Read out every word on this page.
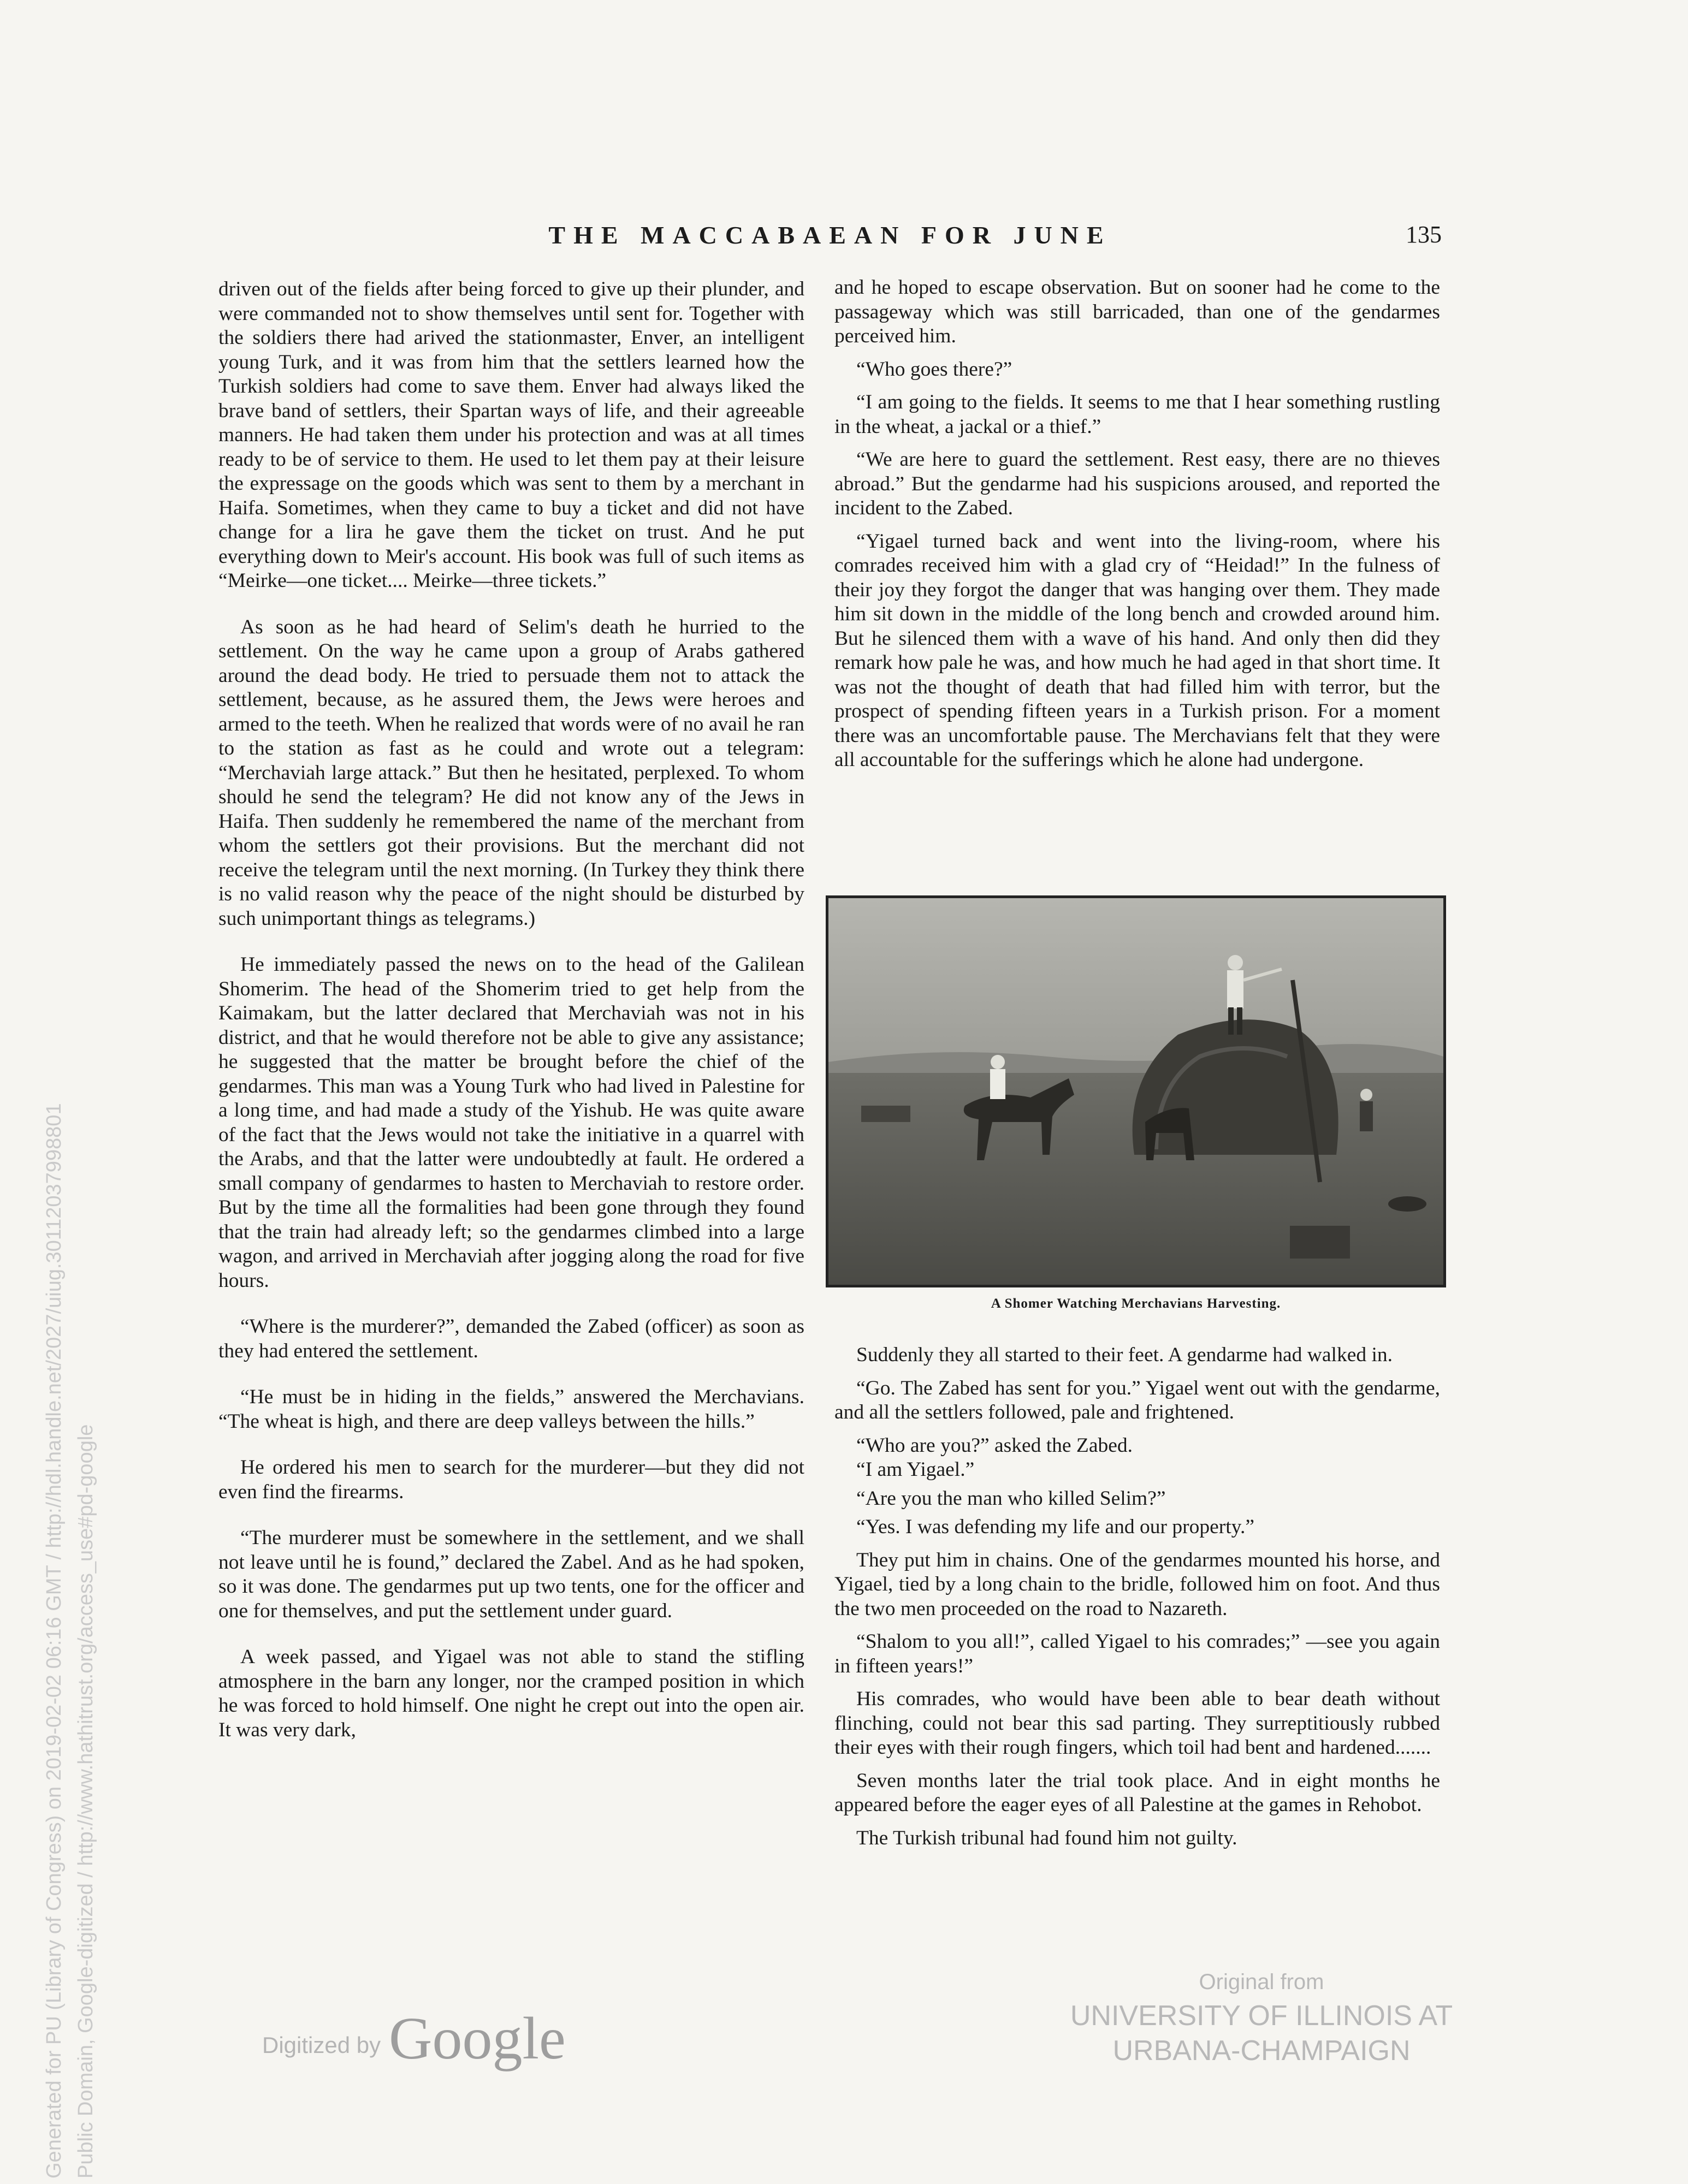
Generated for PU (Library of Congress) on 2019-02-02 06:16 GMT / http://hdl.handle.net/2027/uiug.30112037998801 Public Domain, Google-digitized / http://www.hathitrust.org/access_use#pd-google
THE MACCABAEAN FOR JUNE	135

driven out of the fields after being forced to give up their plunder, and were commanded not to show themselves until sent for. Together with the soldiers there had arived the stationmaster, Enver, an intelligent young Turk, and it was from him that the settlers learned how the Turkish soldiers had come to save them. Enver had always liked the brave band of settlers, their Spartan ways of life, and their agreeable manners. He had taken them under his protection and was at all times ready to be of service to them. He used to let them pay at their leisure the expressage on the goods which was sent to them by a merchant in Haifa. Sometimes, when they came to buy a ticket and did not have change for a lira he gave them the ticket on trust. And he put everything down to Meir's account. His book was full of such items as “Meirke—one ticket.... Meirke—three tickets.”

As soon as he had heard of Selim's death he hurried to the settlement. On the way he came upon a group of Arabs gathered around the dead body. He tried to persuade them not to attack the settlement, because, as he assured them, the Jews were heroes and armed to the teeth. When he realized that words were of no avail he ran to the station as fast as he could and wrote out a telegram: “Merchaviah large attack.” But then he hesitated, perplexed. To whom should he send the telegram? He did not know any of the Jews in Haifa. Then suddenly he remembered the name of the merchant from whom the settlers got their provisions. But the merchant did not receive the telegram until the next morning. (In Turkey they think there is no valid reason why the peace of the night should be disturbed by such unimportant things as telegrams.)

He immediately passed the news on to the head of the Galilean Shomerim. The head of the Shomerim tried to get help from the Kaimakam, but the latter declared that Merchaviah was not in his district, and that he would therefore not be able to give any assistance; he suggested that the matter be brought before the chief of the gendarmes. This man was a Young Turk who had lived in Palestine for a long time, and had made a study of the Yishub. He was quite aware of the fact that the Jews would not take the initiative in a quarrel with the Arabs, and that the latter were undoubtedly at fault. He ordered a small company of gendarmes to hasten to Merchaviah to restore order. But by the time all the formalities had been gone through they found that the train had already left; so the gendarmes climbed into a large wagon, and arrived in Merchaviah after jogging along the road for five hours.

“Where is the murderer?”, demanded the Zabed (officer) as soon as they had entered the settlement.

“He must be in hiding in the fields,” answered the Merchavians. “The wheat is high, and there are deep valleys between the hills.”

He ordered his men to search for the murderer—but they did not even find the firearms.

“The murderer must be somewhere in the settlement, and we shall not leave until he is found,” declared the Zabel. And as he had spoken, so it was done. The gendarmes put up two tents, one for the officer and one for themselves, and put the settlement under guard.

A week passed, and Yigael was not able to stand the stifling atmosphere in the barn any longer, nor the cramped position in which he was forced to hold himself. One night he crept out into the open air. It was very dark,

and he hoped to escape observation. But on sooner had he come to the passageway which was still barricaded, than one of the gendarmes perceived him.

“Who goes there?”

“I am going to the fields. It seems to me that I hear something rustling in the wheat, a jackal or a thief.”

“We are here to guard the settlement. Rest easy, there are no thieves abroad.” But the gendarme had his suspicions aroused, and reported the incident to the Zabed.

“Yigael turned back and went into the living-room, where his comrades received him with a glad cry of “Heidad!” In the fulness of their joy they forgot the danger that was hanging over them. They made him sit down in the middle of the long bench and crowded around him. But he silenced them with a wave of his hand. And only then did they remark how pale he was, and how much he had aged in that short time. It was not the thought of death that had filled him with terror, but the prospect of spending fifteen years in a Turkish prison. For a moment there was an uncomfortable pause. The Merchavians felt that they were all accountable for the sufferings which he alone had undergone.

A Shomer Watching Merchavians Harvesting.

Suddenly they all started to their feet. A gendarme had walked in.

“Go. The Zabed has sent for you.” Yigael went out with the gendarme, and all the settlers followed, pale and frightened.

“Who are you?” asked the Zabed.

“I am Yigael.”

“Are you the man who killed Selim?”

“Yes. I was defending my life and our property.”

They put him in chains. One of the gendarmes mounted his horse, and Yigael, tied by a long chain to the bridle, followed him on foot. And thus the two men proceeded on the road to Nazareth.

“Shalom to you all!”, called Yigael to his comrades;” —see you again in fifteen years!”

His comrades, who would have been able to bear death without flinching, could not bear this sad parting. They surreptitiously rubbed their eyes with their rough fingers, which toil had bent and hardened.......

Seven months later the trial took place. And in eight months he appeared before the eager eyes of all Palestine at the games in Rehobot.

The Turkish tribunal had found him not guilty.

Digitized by Google
Original from
UNIVERSITY OF ILLINOIS AT
URBANA-CHAMPAIGN
